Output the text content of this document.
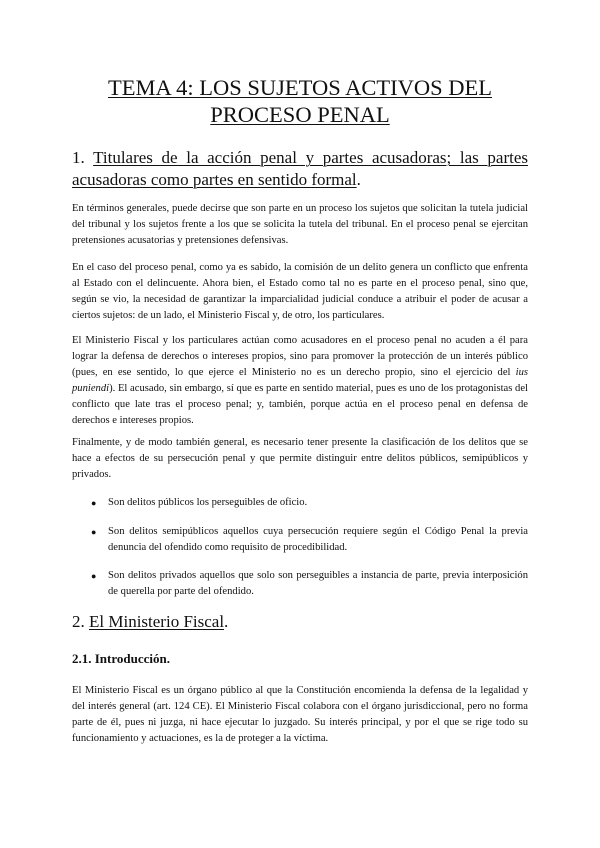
TEMA 4: LOS SUJETOS ACTIVOS DEL PROCESO PENAL
1. Titulares de la acción penal y partes acusadoras; las partes acusadoras como partes en sentido formal.

En términos generales, puede decirse que son parte en un proceso los sujetos que solicitan la tutela judicial del tribunal y los sujetos frente a los que se solicita la tutela del tribunal. En el proceso penal se ejercitan pretensiones acusatorias y pretensiones defensivas.

En el caso del proceso penal, como ya es sabido, la comisión de un delito genera un conflicto que enfrenta al Estado con el delincuente. Ahora bien, el Estado como tal no es parte en el proceso penal, sino que, según se vio, la necesidad de garantizar la imparcialidad judicial conduce a atribuir el poder de acusar a ciertos sujetos: de un lado, el Ministerio Fiscal y, de otro, los particulares.

El Ministerio Fiscal y los particulares actúan como acusadores en el proceso penal no acuden a él para lograr la defensa de derechos o intereses propios, sino para promover la protección de un interés público (pues, en ese sentido, lo que ejerce el Ministerio no es un derecho propio, sino el ejercicio del ius puniendi). El acusado, sin embargo, sí que es parte en sentido material, pues es uno de los protagonistas del conflicto que late tras el proceso penal; y, también, porque actúa en el proceso penal en defensa de derechos e intereses propios.

Finalmente, y de modo también general, es necesario tener presente la clasificación de los delitos que se hace a efectos de su persecución penal y que permite distinguir entre delitos públicos, semipúblicos y privados.

●	Son delitos públicos los perseguibles de oficio.

●	Son delitos semipúblicos aquellos cuya persecución requiere según el Código Penal la previa denuncia del ofendido como requisito de procedibilidad.

●	Son delitos privados aquellos que solo son perseguibles a instancia de parte, previa interposición de querella por parte del ofendido.

2. El Ministerio Fiscal.
2.1. Introducción.

El Ministerio Fiscal es un órgano público al que la Constitución encomienda la defensa de la legalidad y del interés general (art. 124 CE). El Ministerio Fiscal colabora con el órgano jurisdiccional, pero no forma parte de él, pues ni juzga, ni hace ejecutar lo juzgado. Su interés principal, y por el que se rige todo su funcionamiento y actuaciones, es la de proteger a la víctima.
